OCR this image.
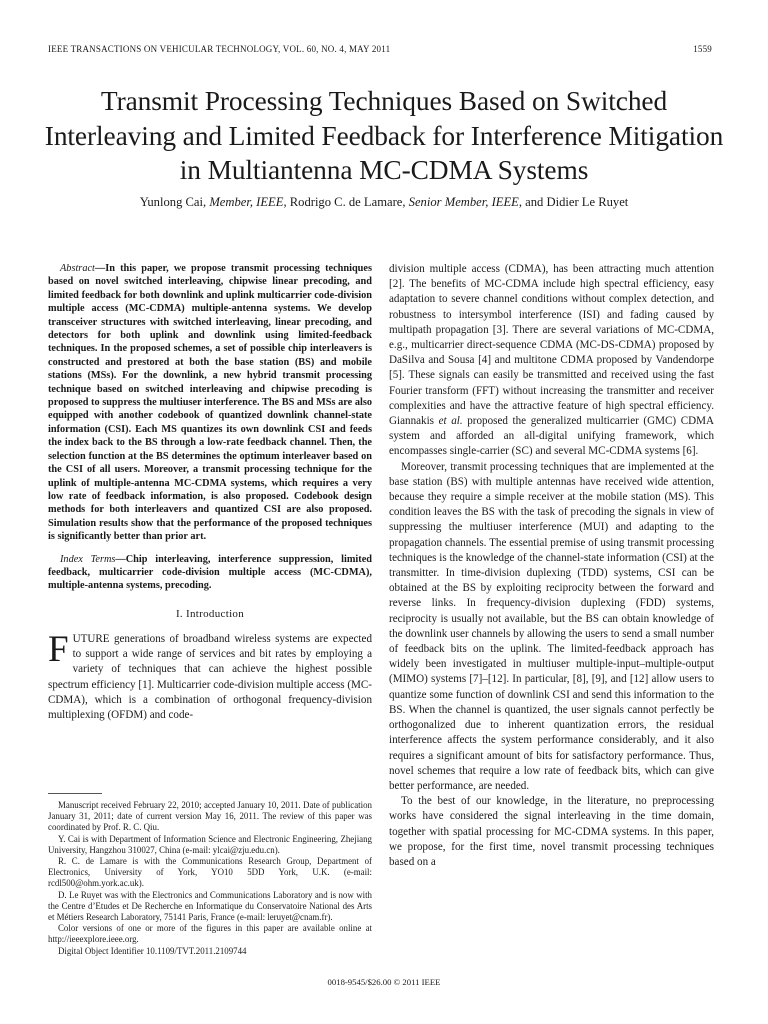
IEEE TRANSACTIONS ON VEHICULAR TECHNOLOGY, VOL. 60, NO. 4, MAY 2011	1559
Transmit Processing Techniques Based on Switched Interleaving and Limited Feedback for Interference Mitigation in Multiantenna MC-CDMA Systems
Yunlong Cai, Member, IEEE, Rodrigo C. de Lamare, Senior Member, IEEE, and Didier Le Ruyet

Abstract—In this paper, we propose transmit processing techniques based on novel switched interleaving, chipwise linear precoding, and limited feedback for both downlink and uplink multicarrier code-division multiple access (MC-CDMA) multiple-antenna systems. We develop transceiver structures with switched interleaving, linear precoding, and detectors for both uplink and downlink using limited-feedback techniques. In the proposed schemes, a set of possible chip interleavers is constructed and prestored at both the base station (BS) and mobile stations (MSs). For the downlink, a new hybrid transmit processing technique based on switched interleaving and chipwise precoding is proposed to suppress the multiuser interference. The BS and MSs are also equipped with another codebook of quantized downlink channel-state information (CSI). Each MS quantizes its own downlink CSI and feeds the index back to the BS through a low-rate feedback channel. Then, the selection function at the BS determines the optimum interleaver based on the CSI of all users. Moreover, a transmit processing technique for the uplink of multiple-antenna MC-CDMA systems, which requires a very low rate of feedback information, is also proposed. Codebook design methods for both interleavers and quantized CSI are also proposed. Simulation results show that the performance of the proposed techniques is significantly better than prior art.

Index Terms—Chip interleaving, interference suppression, limited feedback, multicarrier code-division multiple access (MC-CDMA), multiple-antenna systems, precoding.

I. Introduction

FUTURE generations of broadband wireless systems are expected to support a wide range of services and bit rates by employing a variety of techniques that can achieve the highest possible spectrum efficiency [1]. Multicarrier code-division multiple access (MC-CDMA), which is a combination of orthogonal frequency-division multiplexing (OFDM) and code-

Manuscript received February 22, 2010; accepted January 10, 2011. Date of publication January 31, 2011; date of current version May 16, 2011. The review of this paper was coordinated by Prof. R. C. Qiu.

Y. Cai is with Department of Information Science and Electronic Engineering, Zhejiang University, Hangzhou 310027, China (e-mail: ylcai@zju.edu.cn).

R. C. de Lamare is with the Communications Research Group, Department of Electronics, University of York, YO10 5DD York, U.K. (e-mail: rcdl500@ohm.york.ac.uk).

D. Le Ruyet was with the Electronics and Communications Laboratory and is now with the Centre d’Etudes et De Recherche en Informatique du Conservatoire National des Arts et Métiers Research Laboratory, 75141 Paris, France (e-mail: leruyet@cnam.fr).

Color versions of one or more of the figures in this paper are available online at http://ieeexplore.ieee.org.

Digital Object Identifier 10.1109/TVT.2011.2109744

division multiple access (CDMA), has been attracting much attention [2]. The benefits of MC-CDMA include high spectral efficiency, easy adaptation to severe channel conditions without complex detection, and robustness to intersymbol interference (ISI) and fading caused by multipath propagation [3]. There are several variations of MC-CDMA, e.g., multicarrier direct-sequence CDMA (MC-DS-CDMA) proposed by DaSilva and Sousa [4] and multitone CDMA proposed by Vandendorpe [5]. These signals can easily be transmitted and received using the fast Fourier transform (FFT) without increasing the transmitter and receiver complexities and have the attractive feature of high spectral efficiency. Giannakis et al. proposed the generalized multicarrier (GMC) CDMA system and afforded an all-digital unifying framework, which encompasses single-carrier (SC) and several MC-CDMA systems [6].

Moreover, transmit processing techniques that are implemented at the base station (BS) with multiple antennas have received wide attention, because they require a simple receiver at the mobile station (MS). This condition leaves the BS with the task of precoding the signals in view of suppressing the multiuser interference (MUI) and adapting to the propagation channels. The essential premise of using transmit processing techniques is the knowledge of the channel-state information (CSI) at the transmitter. In time-division duplexing (TDD) systems, CSI can be obtained at the BS by exploiting reciprocity between the forward and reverse links. In frequency-division duplexing (FDD) systems, reciprocity is usually not available, but the BS can obtain knowledge of the downlink user channels by allowing the users to send a small number of feedback bits on the uplink. The limited-feedback approach has widely been investigated in multiuser multiple-input–multiple-output (MIMO) systems [7]–[12]. In particular, [8], [9], and [12] allow users to quantize some function of downlink CSI and send this information to the BS. When the channel is quantized, the user signals cannot perfectly be orthogonalized due to inherent quantization errors, the residual interference affects the system performance considerably, and it also requires a significant amount of bits for satisfactory performance. Thus, novel schemes that require a low rate of feedback bits, which can give better performance, are needed.

To the best of our knowledge, in the literature, no preprocessing works have considered the signal interleaving in the time domain, together with spatial processing for MC-CDMA systems. In this paper, we propose, for the first time, novel transmit processing techniques based on a

0018-9545/$26.00 © 2011 IEEE
